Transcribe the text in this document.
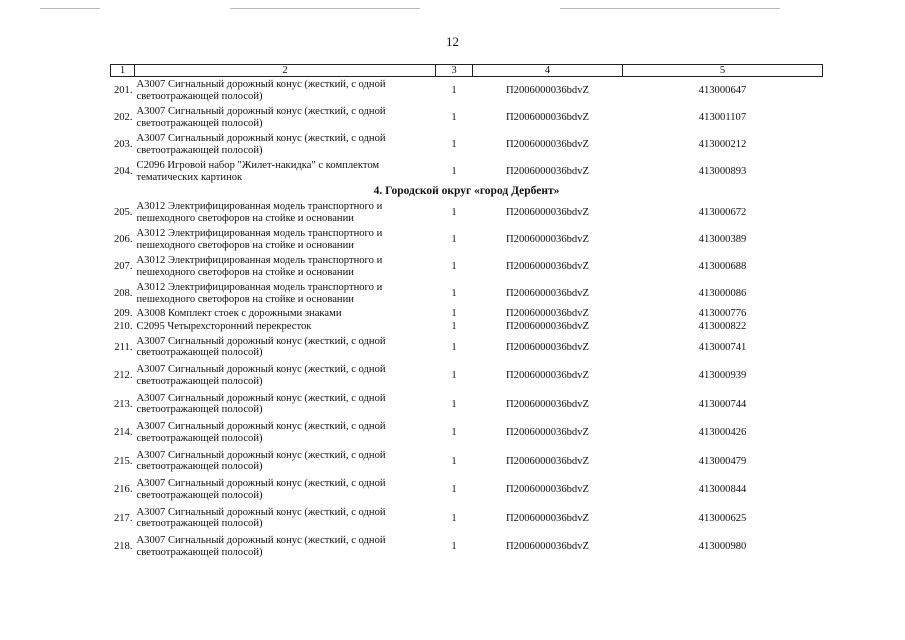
12
1	2	3	4	5
201.	А3007 Сигнальный дорожный конус (жесткий, с одной светоотражающей полосой)	1	П2006000036bdvZ	413000647
202.	А3007 Сигнальный дорожный конус (жесткий, с одной светоотражающей полосой)	1	П2006000036bdvZ	413001107
203.	А3007 Сигнальный дорожный конус (жесткий, с одной светоотражающей полосой)	1	П2006000036bdvZ	413000212
204.	С2096 Игровой набор "Жилет-накидка" с комплектом тематических картинок	1	П2006000036bdvZ	413000893
4. Городской округ «город Дербент»				
205.	А3012 Электрифицированная модель транспортного и пешеходного светофоров на стойке и основании	1	П2006000036bdvZ	413000672
206.	А3012 Электрифицированная модель транспортного и пешеходного светофоров на стойке и основании	1	П2006000036bdvZ	413000389
207.	А3012 Электрифицированная модель транспортного и пешеходного светофоров на стойке и основании	1	П2006000036bdvZ	413000688
208.	А3012 Электрифицированная модель транспортного и пешеходного светофоров на стойке и основании	1	П2006000036bdvZ	413000086
209.	А3008 Комплект стоек с дорожными знаками	1	П2006000036bdvZ	413000776
210.	С2095 Четырехсторонний перекресток	1	П2006000036bdvZ	413000822
211.	А3007 Сигнальный дорожный конус (жесткий, с одной светоотражающей полосой)	1	П2006000036bdvZ	413000741
212.	А3007 Сигнальный дорожный конус (жесткий, с одной светоотражающей полосой)	1	П2006000036bdvZ	413000939
213.	А3007 Сигнальный дорожный конус (жесткий, с одной светоотражающей полосой)	1	П2006000036bdvZ	413000744
214.	А3007 Сигнальный дорожный конус (жесткий, с одной светоотражающей полосой)	1	П2006000036bdvZ	413000426
215.	А3007 Сигнальный дорожный конус (жесткий, с одной светоотражающей полосой)	1	П2006000036bdvZ	413000479
216.	А3007 Сигнальный дорожный конус (жесткий, с одной светоотражающей полосой)	1	П2006000036bdvZ	413000844
217.	А3007 Сигнальный дорожный конус (жесткий, с одной светоотражающей полосой)	1	П2006000036bdvZ	413000625
218.	А3007 Сигнальный дорожный конус (жесткий, с одной светоотражающей полосой)	1	П2006000036bdvZ	413000980
